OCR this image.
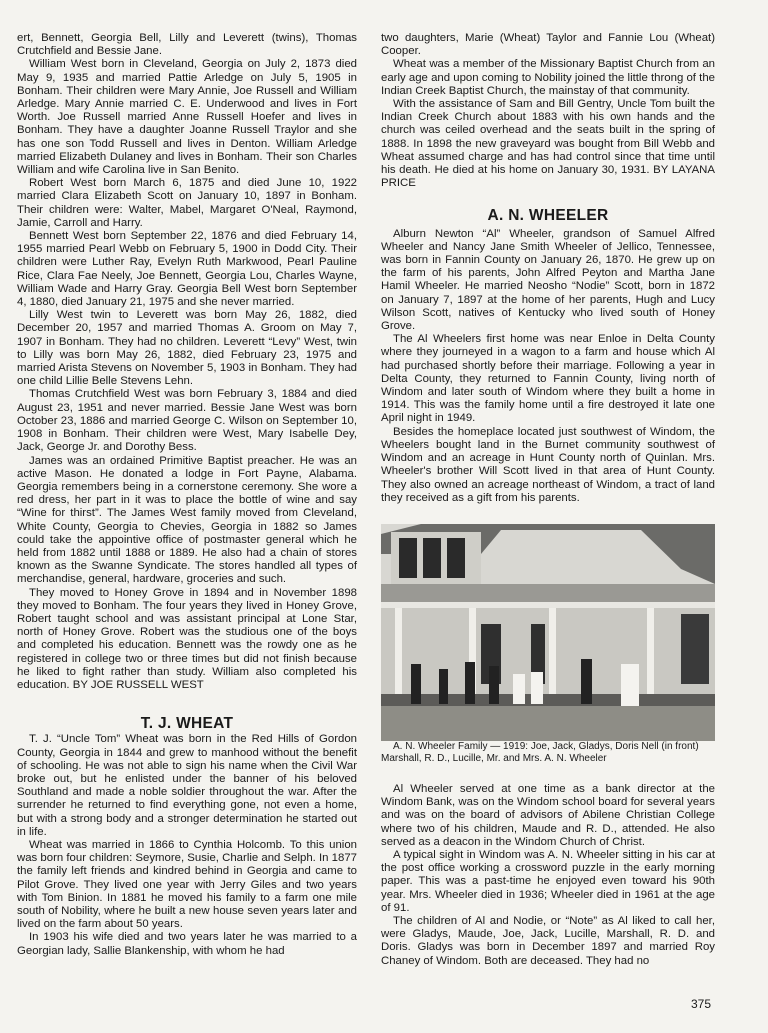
ert, Bennett, Georgia Bell, Lilly and Leverett (twins), Thomas Crutchfield and Bessie Jane.

William West born in Cleveland, Georgia on July 2, 1873 died May 9, 1935 and married Pattie Arledge on July 5, 1905 in Bonham. Their children were Mary Annie, Joe Russell and William Arledge. Mary Annie married C. E. Underwood and lives in Fort Worth. Joe Russell married Anne Russell Hoefer and lives in Bonham. They have a daughter Joanne Russell Traylor and she has one son Todd Russell and lives in Denton. William Arledge married Elizabeth Dulaney and lives in Bonham. Their son Charles William and wife Carolina live in San Benito.

Robert West born March 6, 1875 and died June 10, 1922 married Clara Elizabeth Scott on January 10, 1897 in Bonham. Their children were: Walter, Mabel, Margaret O'Neal, Raymond, Jamie, Carroll and Harry.

Bennett West born September 22, 1876 and died February 14, 1955 married Pearl Webb on February 5, 1900 in Dodd City. Their children were Luther Ray, Evelyn Ruth Markwood, Pearl Pauline Rice, Clara Fae Neely, Joe Bennett, Georgia Lou, Charles Wayne, William Wade and Harry Gray. Georgia Bell West born September 4, 1880, died January 21, 1975 and she never married.

Lilly West twin to Leverett was born May 26, 1882, died December 20, 1957 and married Thomas A. Groom on May 7, 1907 in Bonham. They had no children. Leverett “Levy” West, twin to Lilly was born May 26, 1882, died February 23, 1975 and married Arista Stevens on November 5, 1903 in Bonham. They had one child Lillie Belle Stevens Lehn.

Thomas Crutchfield West was born February 3, 1884 and died August 23, 1951 and never married. Bessie Jane West was born October 23, 1886 and married George C. Wilson on September 10, 1908 in Bonham. Their children were West, Mary Isabelle Dey, Jack, George Jr. and Dorothy Bess.

James was an ordained Primitive Baptist preacher. He was an active Mason. He donated a lodge in Fort Payne, Alabama. Georgia remembers being in a cornerstone ceremony. She wore a red dress, her part in it was to place the bottle of wine and say “Wine for thirst”. The James West family moved from Cleveland, White County, Georgia to Chevies, Georgia in 1882 so James could take the appointive office of postmaster general which he held from 1882 until 1888 or 1889. He also had a chain of stores known as the Swanne Syndicate. The stores handled all types of merchandise, general, hardware, groceries and such.

They moved to Honey Grove in 1894 and in November 1898 they moved to Bonham. The four years they lived in Honey Grove, Robert taught school and was assistant principal at Lone Star, north of Honey Grove. Robert was the studious one of the boys and completed his education. Bennett was the rowdy one as he registered in college two or three times but did not finish because he liked to fight rather than study. William also completed his education. BY JOE RUSSELL WEST

T. J. WHEAT

T. J. “Uncle Tom” Wheat was born in the Red Hills of Gordon County, Georgia in 1844 and grew to manhood without the benefit of schooling. He was not able to sign his name when the Civil War broke out, but he enlisted under the banner of his beloved Southland and made a noble soldier throughout the war. After the surrender he returned to find everything gone, not even a home, but with a strong body and a stronger determination he started out in life.

Wheat was married in 1866 to Cynthia Holcomb. To this union was born four children: Seymore, Susie, Charlie and Selph. In 1877 the family left friends and kindred behind in Georgia and came to Pilot Grove. They lived one year with Jerry Giles and two years with Tom Binion. In 1881 he moved his family to a farm one mile south of Nobility, where he built a new house seven years later and lived on the farm about 50 years.

In 1903 his wife died and two years later he was married to a Georgian lady, Sallie Blankenship, with whom he had

two daughters, Marie (Wheat) Taylor and Fannie Lou (Wheat) Cooper.

Wheat was a member of the Missionary Baptist Church from an early age and upon coming to Nobility joined the little throng of the Indian Creek Baptist Church, the mainstay of that community.

With the assistance of Sam and Bill Gentry, Uncle Tom built the Indian Creek Church about 1883 with his own hands and the church was ceiled overhead and the seats built in the spring of 1888. In 1898 the new graveyard was bought from Bill Webb and Wheat assumed charge and has had control since that time until his death. He died at his home on January 30, 1931. BY LAYANA PRICE

A. N. WHEELER

Alburn Newton “Al” Wheeler, grandson of Samuel Alfred Wheeler and Nancy Jane Smith Wheeler of Jellico, Tennessee, was born in Fannin County on January 26, 1870. He grew up on the farm of his parents, John Alfred Peyton and Martha Jane Hamil Wheeler. He married Neosho “Nodie” Scott, born in 1872 on January 7, 1897 at the home of her parents, Hugh and Lucy Wilson Scott, natives of Kentucky who lived south of Honey Grove.

The Al Wheelers first home was near Enloe in Delta County where they journeyed in a wagon to a farm and house which Al had purchased shortly before their marriage. Following a year in Delta County, they returned to Fannin County, living north of Windom and later south of Windom where they built a home in 1914. This was the family home until a fire destroyed it late one April night in 1949.

Besides the homeplace located just southwest of Windom, the Wheelers bought land in the Burnet community southwest of Windom and an acreage in Hunt County north of Quinlan. Mrs. Wheeler's brother Will Scott lived in that area of Hunt County. They also owned an acreage northeast of Windom, a tract of land they received as a gift from his parents.

A. N. Wheeler Family — 1919: Joe, Jack, Gladys, Doris Nell (in front) Marshall, R. D., Lucille, Mr. and Mrs. A. N. Wheeler

Al Wheeler served at one time as a bank director at the Windom Bank, was on the Windom school board for several years and was on the board of advisors of Abilene Christian College where two of his children, Maude and R. D., attended. He also served as a deacon in the Windom Church of Christ.

A typical sight in Windom was A. N. Wheeler sitting in his car at the post office working a crossword puzzle in the early morning paper. This was a past-time he enjoyed even toward his 90th year. Mrs. Wheeler died in 1936; Wheeler died in 1961 at the age of 91.

The children of Al and Nodie, or “Note” as Al liked to call her, were Gladys, Maude, Joe, Jack, Lucille, Marshall, R. D. and Doris. Gladys was born in December 1897 and married Roy Chaney of Windom. Both are deceased. They had no

375
